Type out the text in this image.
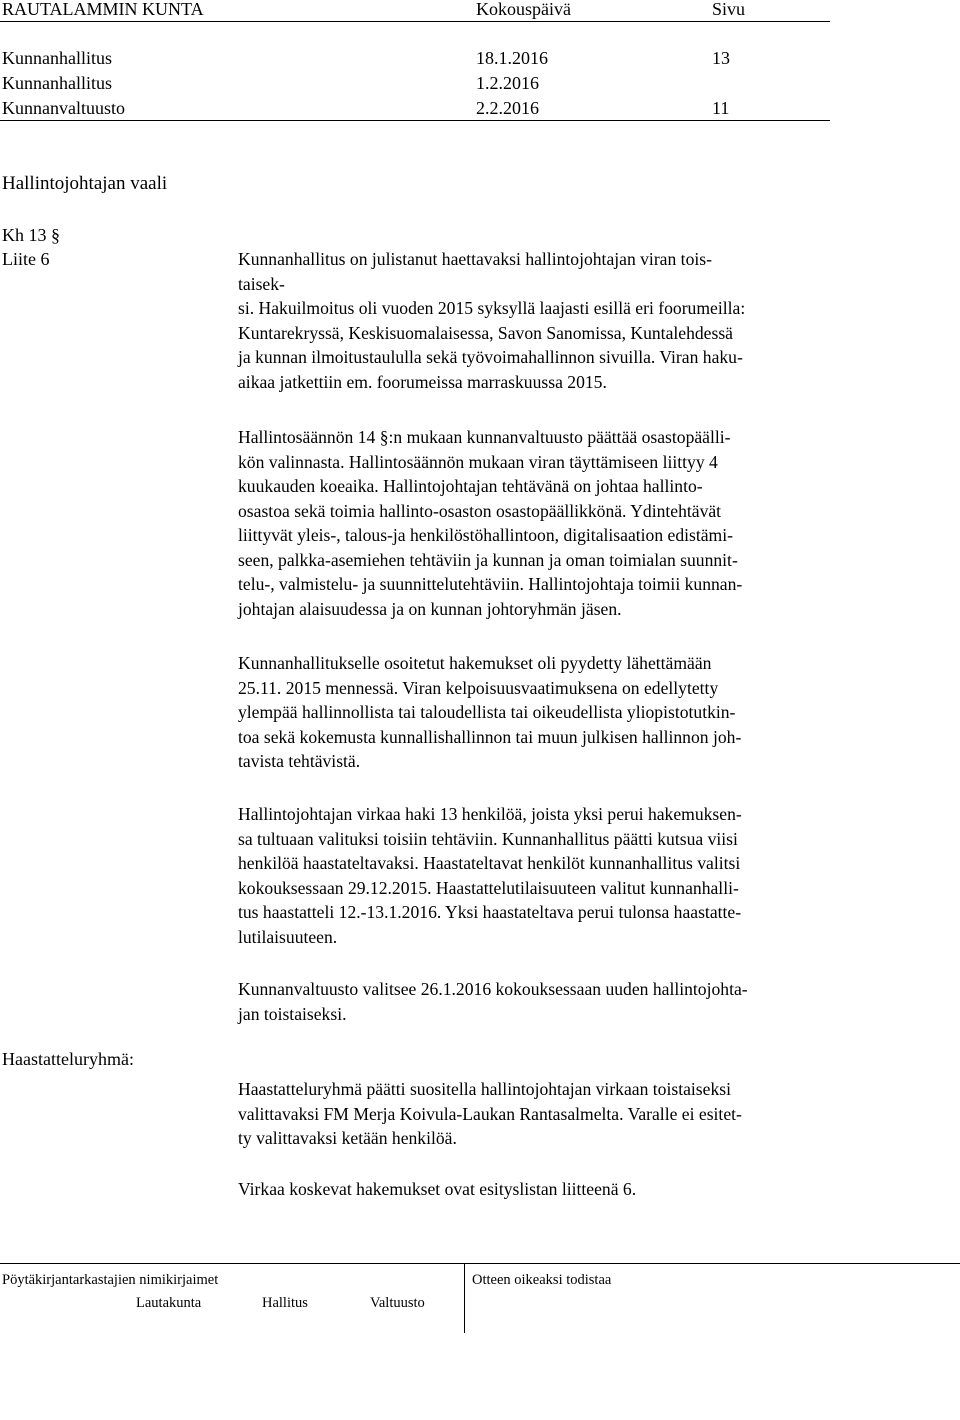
RAUTALAMMIN KUNTA	Kokouspäivä	Sivu
Kunnanhallitus	18.1.2016	13
Kunnanhallitus	1.2.2016
Kunnanvaltuusto	2.2.2016	11
Hallintojohtajan vaali
Kh 13 §
Liite 6
Haastatteluryhmä:
Kunnanhallitus on julistanut haettavaksi hallintojohtajan viran tois-
taisek-
si. Hakuilmoitus oli vuoden 2015 syksyllä laajasti esillä eri foorumeilla:
Kuntarekryssä, Keskisuomalaisessa, Savon Sanomissa, Kuntalehdessä
ja kunnan ilmoitustaululla sekä työvoimahallinnon sivuilla. Viran haku-
aikaa jatkettiin em. foorumeissa marraskuussa 2015.
Hallintosäännön 14 §:n mukaan kunnanvaltuusto päättää osastopäälli-
kön valinnasta. Hallintosäännön mukaan viran täyttämiseen liittyy 4
kuukauden koeaika. Hallintojohtajan tehtävänä on johtaa hallinto-
osastoa sekä toimia hallinto-osaston osastopäällikkönä. Ydintehtävät
liittyvät yleis-, talous-ja henkilöstöhallintoon, digitalisaation edistämi-
seen, palkka-asemiehen tehtäviin ja kunnan ja oman toimialan suunnit-
telu-, valmistelu- ja suunnittelutehtäviin. Hallintojohtaja toimii kunnan-
johtajan alaisuudessa ja on kunnan johtoryhmän jäsen.
Kunnanhallitukselle osoitetut hakemukset oli pyydetty lähettämään
25.11. 2015 mennessä. Viran kelpoisuusvaatimuksena on edellytetty
ylempää hallinnollista tai taloudellista tai oikeudellista yliopistotutkin-
toa sekä kokemusta kunnallishallinnon tai muun julkisen hallinnon joh-
tavista tehtävistä.
Hallintojohtajan virkaa haki 13 henkilöä, joista yksi perui hakemuksen-
sa tultuaan valituksi toisiin tehtäviin. Kunnanhallitus päätti kutsua viisi
henkilöä haastateltavaksi. Haastateltavat henkilöt kunnanhallitus valitsi
kokouksessaan 29.12.2015. Haastattelutilaisuuteen valitut kunnanhalli-
tus haastatteli 12.-13.1.2016. Yksi haastateltava perui tulonsa haastatte-
lutilaisuuteen.
Kunnanvaltuusto valitsee 26.1.2016 kokouksessaan uuden hallintojohta-
jan toistaiseksi.
Haastatteluryhmä päätti suositella hallintojohtajan virkaan toistaiseksi
valittavaksi FM Merja Koivula-Laukan Rantasalmelta. Varalle ei esitet-
ty valittavaksi ketään henkilöä.
Virkaa koskevat hakemukset ovat esityslistan liitteenä 6.
Pöytäkirjantarkastajien nimikirjaimet	Otteen oikeaksi todistaa
Lautakunta	Hallitus	Valtuusto
